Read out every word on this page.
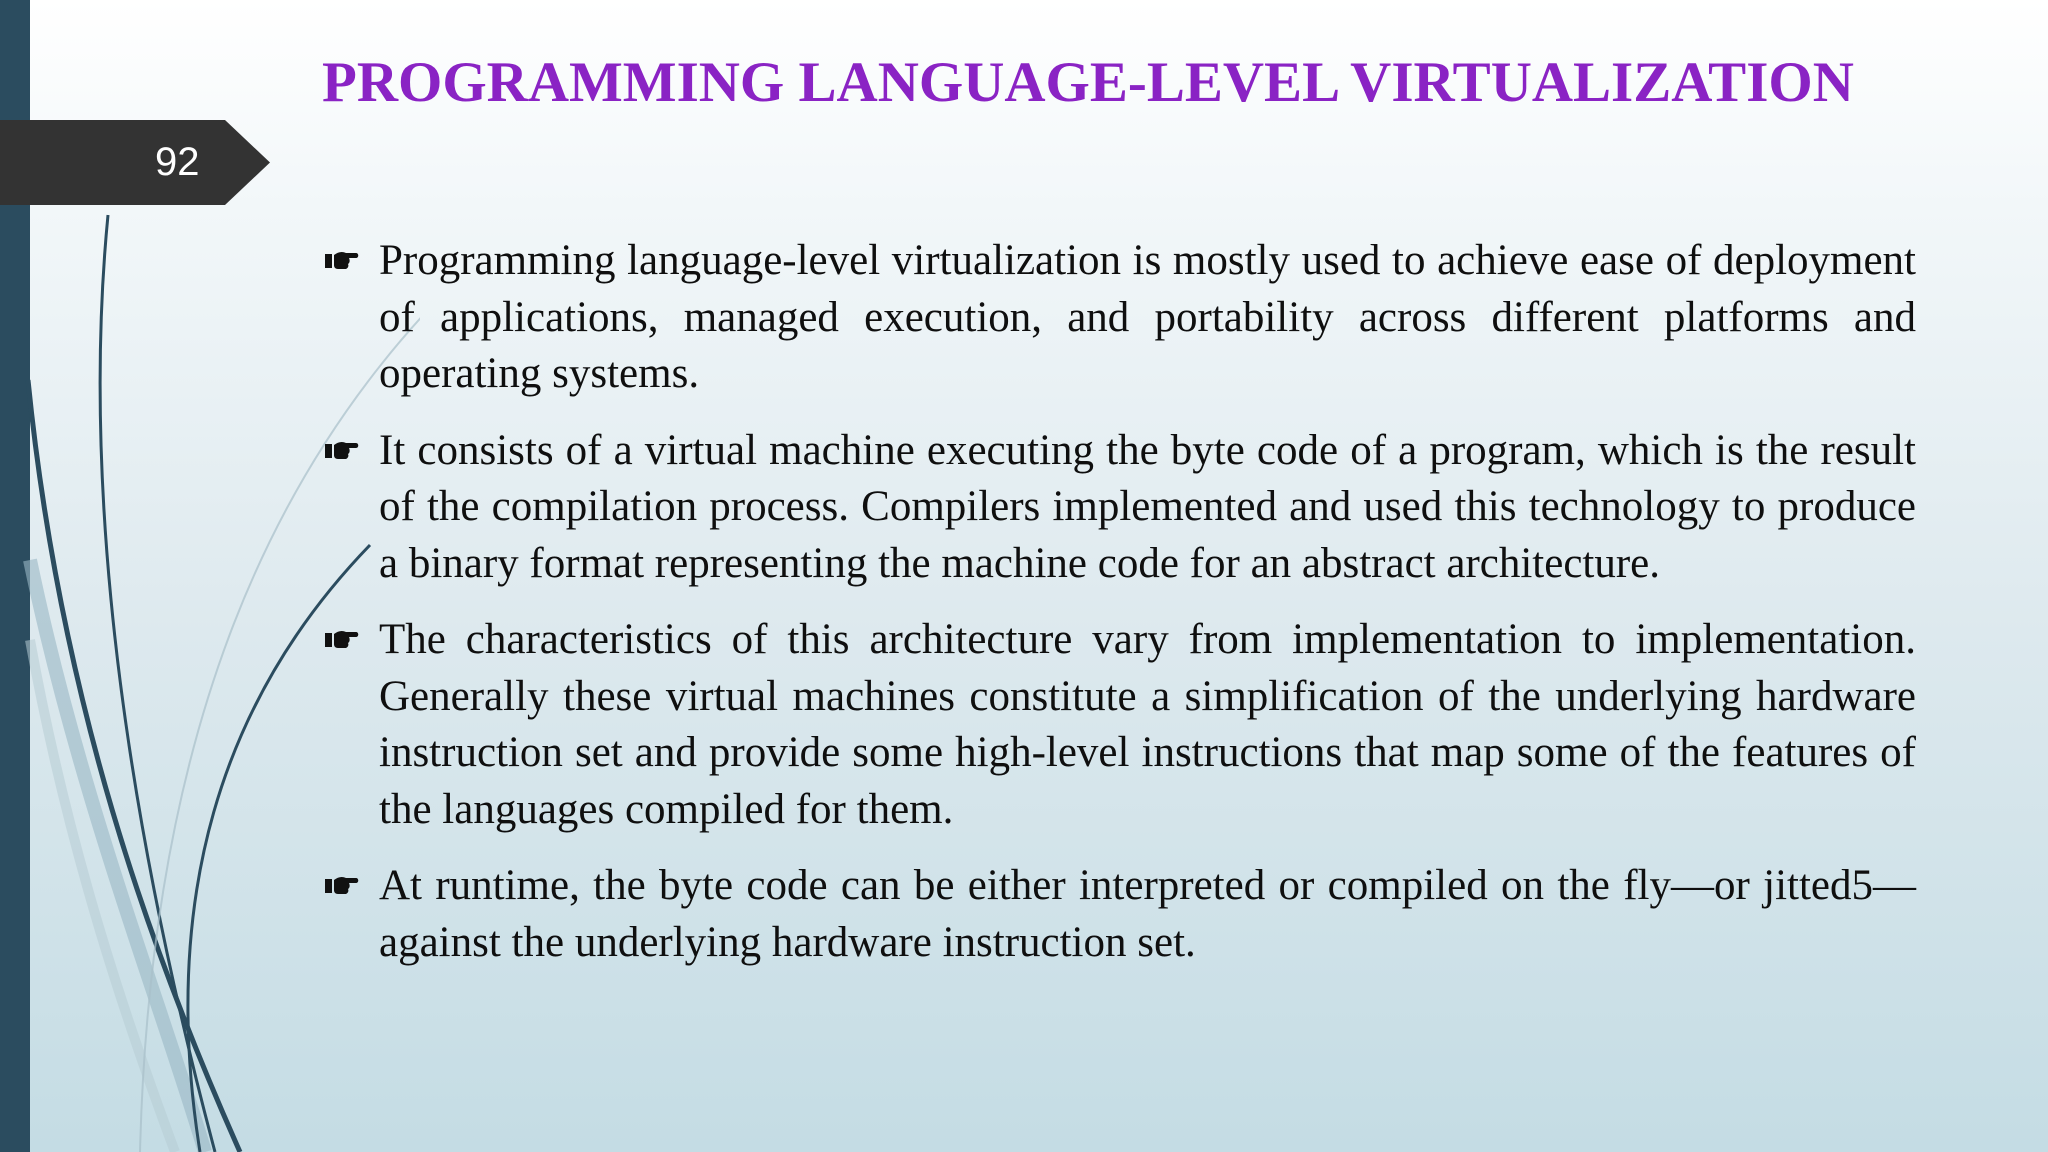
92
PROGRAMMING LANGUAGE-LEVEL VIRTUALIZATION
Programming language-level virtualization is mostly used to achieve ease of deployment of applications, managed execution, and portability across different platforms and operating systems.
It consists of a virtual machine executing the byte code of a program, which is the result of the compilation process. Compilers implemented and used this technology to produce a binary format representing the machine code for an abstract architecture.
The characteristics of this architecture vary from implementation to implementation. Generally these virtual machines constitute a simplification of the underlying hardware instruction set and provide some high-level instructions that map some of the features of the languages compiled for them.
At runtime, the byte code can be either interpreted or compiled on the fly—or jitted5—against the underlying hardware instruction set.
